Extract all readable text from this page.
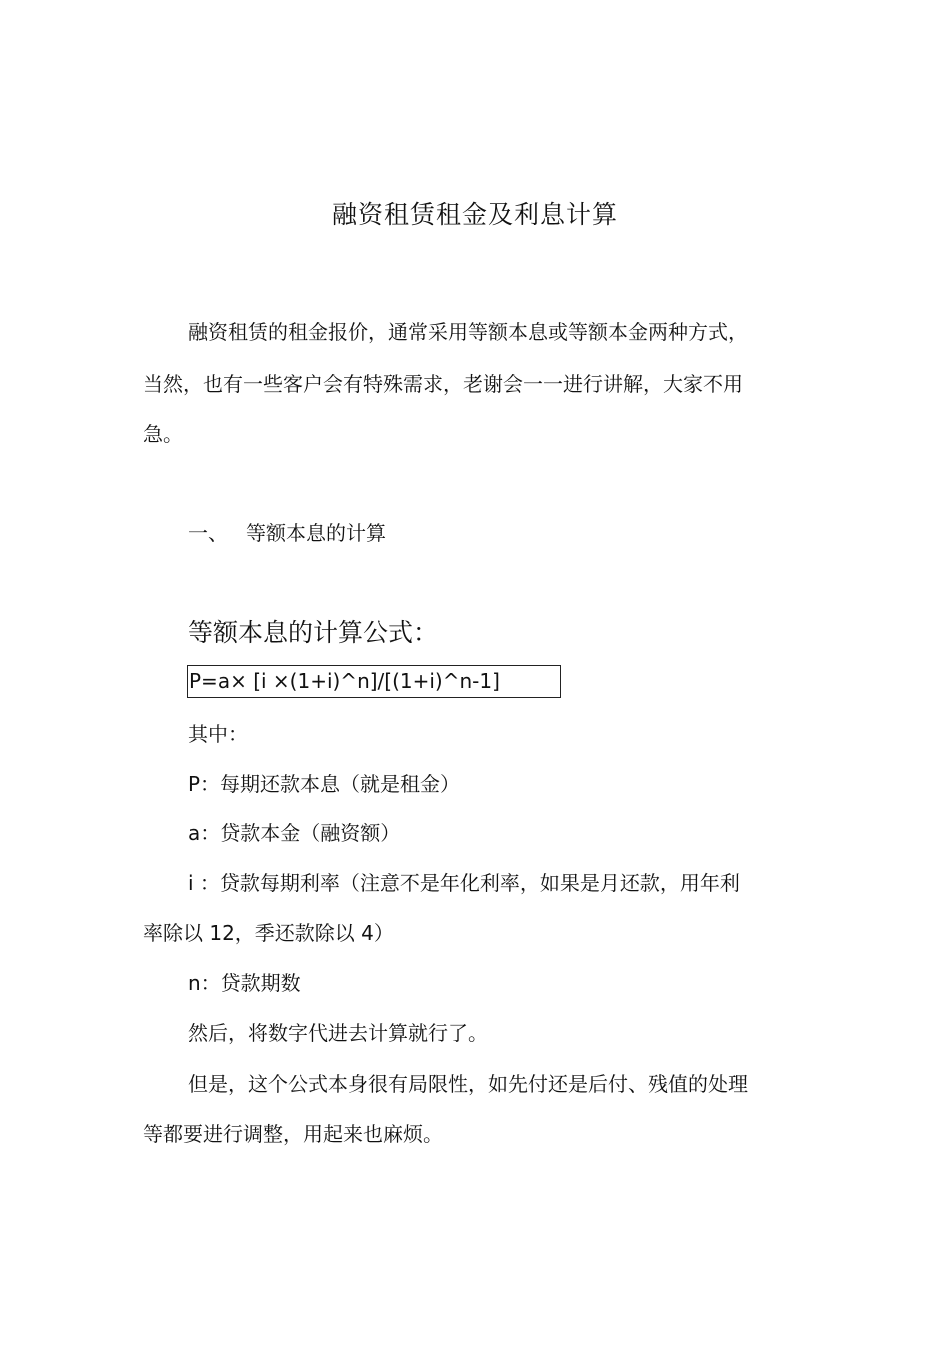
融资租赁租金及利息计算
融资租赁的租金报价，通常采用等额本息或等额本金两种方式，
当然，也有一些客户会有特殊需求，老谢会一一进行讲解，大家不用
急。
一、 等额本息的计算
等额本息的计算公式：
P=a× [i ×(1+i)^n]/[(1+i)^n-1]
其中：
P：每期还款本息（就是租金）
a：贷款本金（融资额）
i ：贷款每期利率（注意不是年化利率，如果是月还款，用年利
率除以 12，季还款除以 4）
n：贷款期数
然后，将数字代进去计算就行了。
但是，这个公式本身很有局限性，如先付还是后付、残值的处理
等都要进行调整，用起来也麻烦。
